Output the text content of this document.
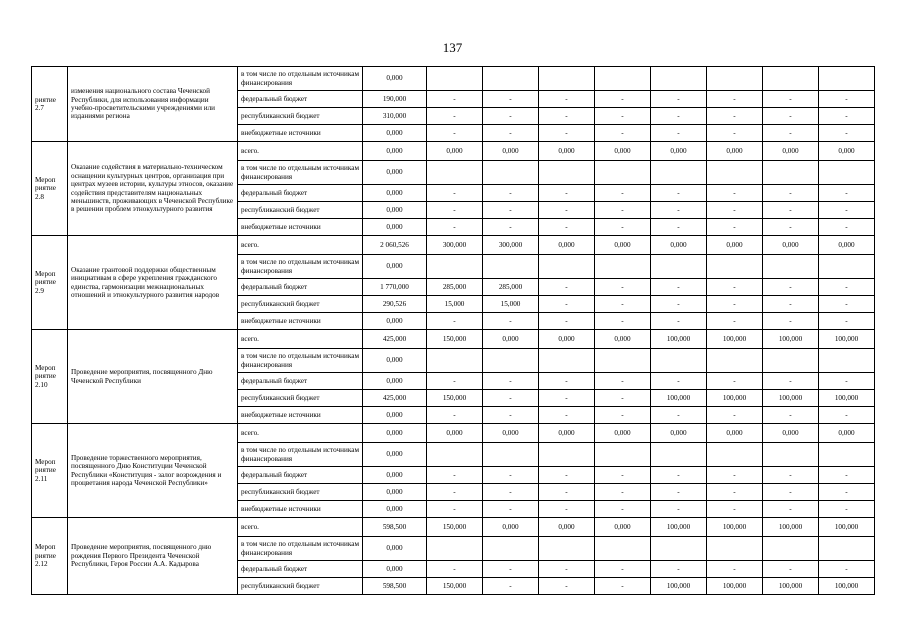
137
риятие 2.7	изменения национального состава Чеченской Республики, для использования информации учебно-просветительскими учреждениями или изданиями региона	в том числе по отдельным источникам финансирования	0,000								
		федеральный бюджет	190,000	-	-	-	-	-	-	-	-
		республиканский бюджет	310,000	-	-	-	-	-	-	-	-
		внебюджетные источники	0,000	-	-	-	-	-	-	-	-
Мероп риятие 2.8	Оказание содействия в материально-техническом оснащении культурных центров, организация при центрах музеев истории, культуры этносов, оказание содействия представителям национальных меньшинств, проживающих в Чеченской Республике в решении проблем этнокультурного развития	всего.	0,000	0,000	0,000	0,000	0,000	0,000	0,000	0,000	0,000
		в том числе по отдельным источникам финансирования	0,000								
		федеральный бюджет	0,000	-	-	-	-	-	-	-	-
		республиканский бюджет	0,000	-	-	-	-	-	-	-	-
		внебюджетные источники	0,000	-	-	-	-	-	-	-	-
Мероп риятие 2.9	Оказание грантовой поддержки общественным инициативам в сфере укрепления гражданского единства, гармонизации межнациональных отношений и этнокультурного развития народов	всего.	2 060,526	300,000	300,000	0,000	0,000	0,000	0,000	0,000	0,000
		в том числе по отдельным источникам финансирования	0,000								
		федеральный бюджет	1 770,000	285,000	285,000	-	-	-	-	-	-
		республиканский бюджет	290,526	15,000	15,000	-	-	-	-	-	-
		внебюджетные источники	0,000	-	-	-	-	-	-	-	-
Мероп риятие 2.10	Проведение мероприятия, посвященного Дню Чеченской Республики	всего.	425,000	150,000	0,000	0,000	0,000	100,000	100,000	100,000	100,000
		в том числе по отдельным источникам финансирования	0,000								
		федеральный бюджет	0,000	-	-	-	-	-	-	-	-
		республиканский бюджет	425,000	150,000	-	-	-	100,000	100,000	100,000	100,000
		внебюджетные источники	0,000	-	-	-	-	-	-	-	-
Мероп риятие 2.11	Проведение торжественного мероприятия, посвященного Дню Конституции Чеченской Республики «Конституция - залог возрождения и процветания народа Чеченской Республики»	всего.	0,000	0,000	0,000	0,000	0,000	0,000	0,000	0,000	0,000
		в том числе по отдельным источникам финансирования	0,000								
		федеральный бюджет	0,000	-	-	-	-	-	-	-	-
		республиканский бюджет	0,000	-	-	-	-	-	-	-	-
		внебюджетные источники	0,000	-	-	-	-	-	-	-	-
Мероп риятие 2.12	Проведение мероприятия, посвященного дню рождения Первого Президента Чеченской Республики, Героя России А.А. Кадырова	всего.	598,500	150,000	0,000	0,000	0,000	100,000	100,000	100,000	100,000
		в том числе по отдельным источникам финансирования	0,000								
		федеральный бюджет	0,000	-	-	-	-	-	-	-	-
		республиканский бюджет	598,500	150,000	-	-	-	100,000	100,000	100,000	100,000
